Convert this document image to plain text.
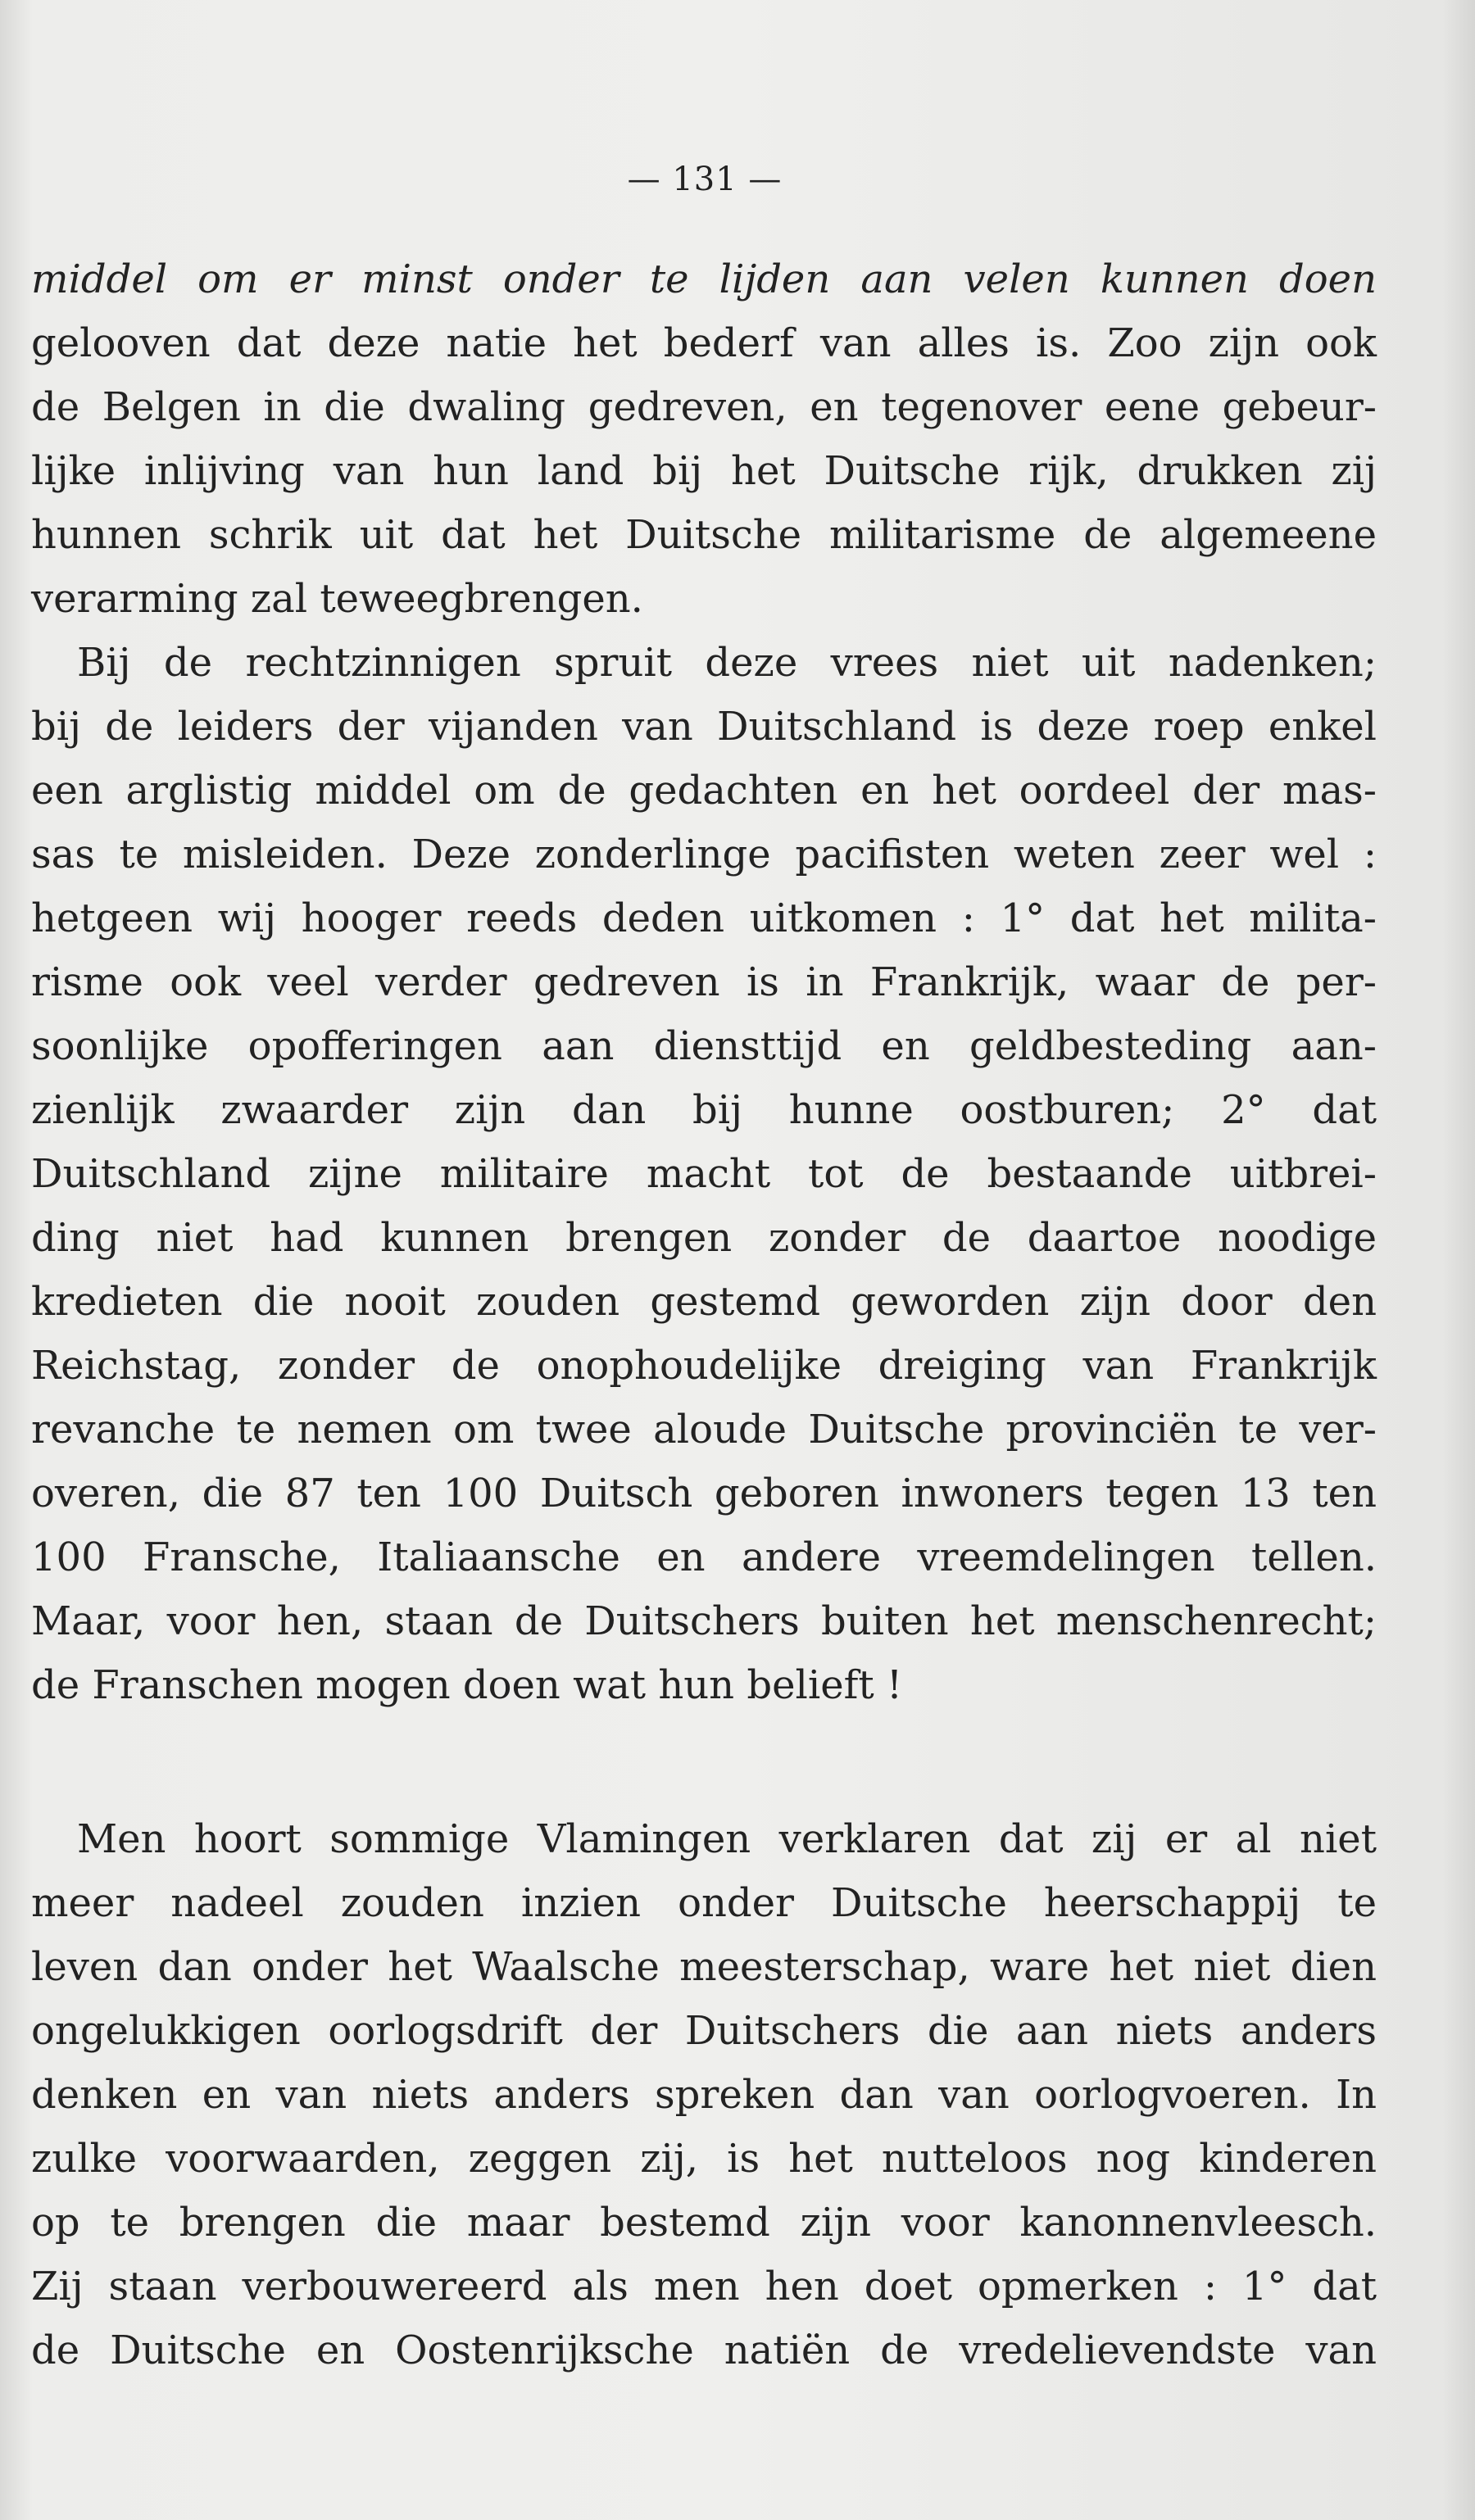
— 131 —
middel om er minst onder te lijden aan velen kunnen doen
gelooven dat deze natie het bederf van alles is. Zoo zijn ook
de Belgen in die dwaling gedreven, en tegenover eene gebeur-
lijke inlijving van hun land bij het Duitsche rijk, drukken zij
hunnen schrik uit dat het Duitsche militarisme de algemeene
verarming zal teweegbrengen.
Bij de rechtzinnigen spruit deze vrees niet uit nadenken;
bij de leiders der vijanden van Duitschland is deze roep enkel
een arglistig middel om de gedachten en het oordeel der mas-
sas te misleiden. Deze zonderlinge pacifisten weten zeer wel :
hetgeen wij hooger reeds deden uitkomen : 1° dat het milita-
risme ook veel verder gedreven is in Frankrijk, waar de per-
soonlijke opofferingen aan diensttijd en geldbesteding aan-
zienlijk zwaarder zijn dan bij hunne oostburen; 2° dat
Duitschland zijne militaire macht tot de bestaande uitbrei-
ding niet had kunnen brengen zonder de daartoe noodige
kredieten die nooit zouden gestemd geworden zijn door den
Reichstag, zonder de onophoudelijke dreiging van Frankrijk
revanche te nemen om twee aloude Duitsche provinciën te ver-
overen, die 87 ten 100 Duitsch geboren inwoners tegen 13 ten
100 Fransche, Italiaansche en andere vreemdelingen tellen.
Maar, voor hen, staan de Duitschers buiten het menschenrecht;
de Franschen mogen doen wat hun belieft !
Men hoort sommige Vlamingen verklaren dat zij er al niet
meer nadeel zouden inzien onder Duitsche heerschappij te
leven dan onder het Waalsche meesterschap, ware het niet dien
ongelukkigen oorlogsdrift der Duitschers die aan niets anders
denken en van niets anders spreken dan van oorlogvoeren. In
zulke voorwaarden, zeggen zij, is het nutteloos nog kinderen
op te brengen die maar bestemd zijn voor kanonnenvleesch.
Zij staan verbouwereerd als men hen doet opmerken : 1° dat
de Duitsche en Oostenrijksche natiën de vredelievendste van
